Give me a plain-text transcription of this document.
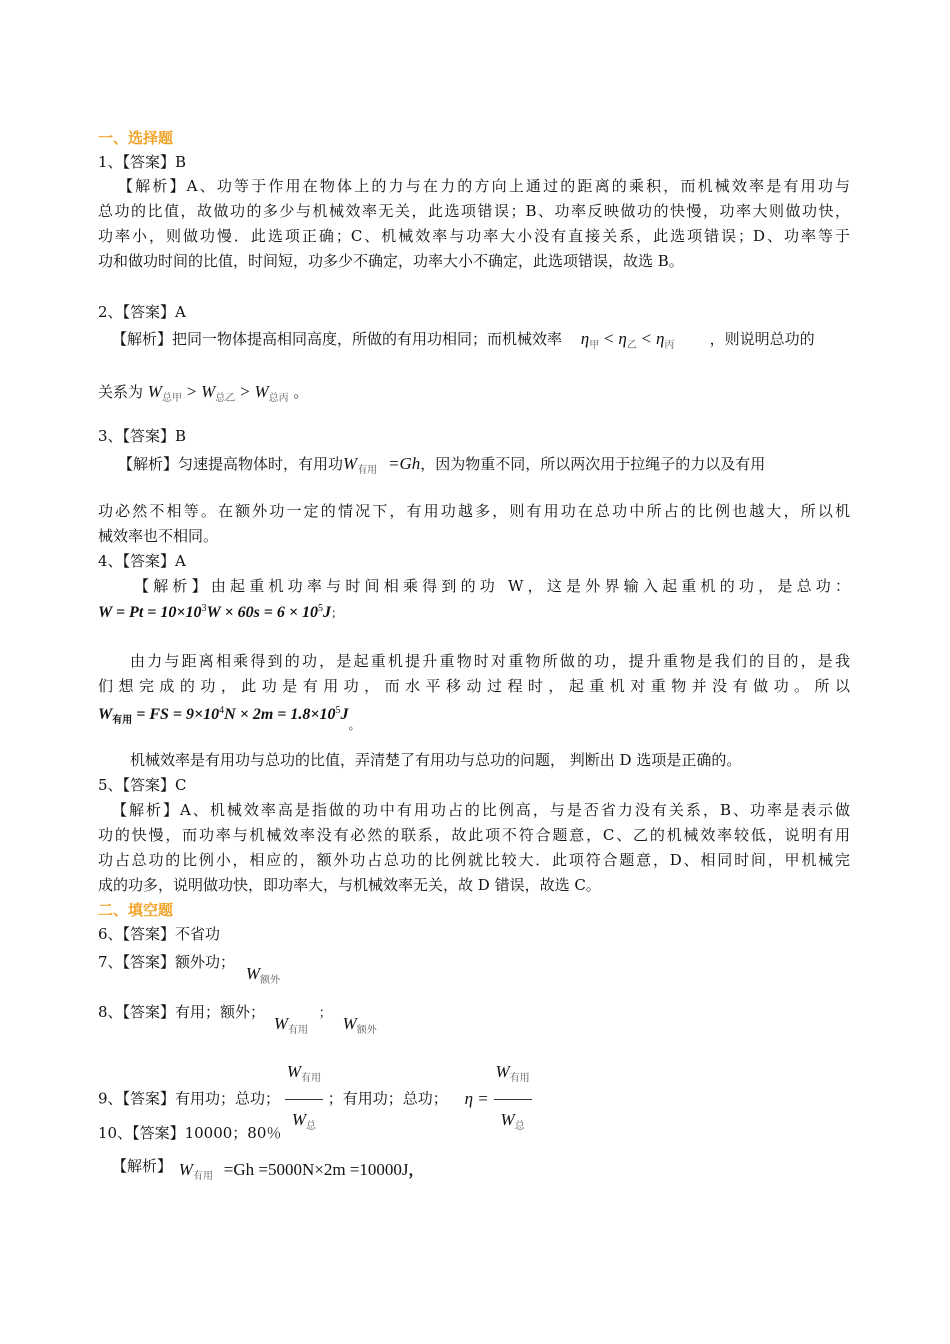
一、选择题
1、【答案】B
【解析】A、功等于作用在物体上的力与在力的方向上通过的距离的乘积，而机械效率是有用功与
总功的比值，故做功的多少与机械效率无关，此选项错误；B、功率反映做功的快慢，功率大则做功快，
功率小，则做功慢．此选项正确；C、机械效率与功率大小没有直接关系，此选项错误；D、功率等于
功和做功时间的比值，时间短，功多少不确定，功率大小不确定，此选项错误，故选 B。
2、【答案】A
【解析】把同一物体提高相同高度，所做的有用功相同；而机械效率 $\eta_甲 < \eta_乙 < \eta_丙$ ，则说明总功的
关系为 $W_{总甲} > W_{总乙} > W_{总丙}$ 。
3、【答案】B
【解析】匀速提高物体时，有用功$W_{有用} =Gh$，因为物重不同，所以两次用于拉绳子的力以及有用
功必然不相等。在额外功一定的情况下，有用功越多，则有用功在总功中所占的比例也越大，所以机
械效率也不相同。
4、【答案】A
【解析】由起重机功率与时间相乘得到的功 W，这是外界输入起重机的功，是总功：
$W = Pt = 10\times 10^3W \times 60s = 6 \times 10^5J$；
由力与距离相乘得到的功，是起重机提升重物时对重物所做的功，提升重物是我们的目的，是我
们想完成的功，此功是有用功，而水平移动过程时，起重机对重物并没有做功。所以
$W_{有用}$ = FS = $9\times 10^4N \times 2m = 1.8\times 10^5J_。$
机械效率是有用功与总功的比值，弄清楚了有用功与总功的问题， 判断出 D 选项是正确的。
5、【答案】C
【解析】A、机械效率高是指做的功中有用功占的比例高，与是否省力没有关系，B、功率是表示做
功的快慢，而功率与机械效率没有必然的联系，故此项不符合题意，C、乙的机械效率较低，说明有用
功占总功的比例小，相应的，额外功占总功的比例就比较大．此项符合题意，D、相同时间，甲机械完
成的功多，说明做功快，即功率大，与机械效率无关，故 D 错误，故选 C。
二、填空题
6、【答案】不省功
7、【答案】额外功； $W_{额外}$
8、【答案】有用；额外； $W_{有用}$ ； $W_{额外}$
9、【答案】有用功；总功； $\frac{W_{有用}}{W_总}$ ；有用功；总功； $\eta = \frac{W_{有用}}{W_总}$
10、【答案】10000；80％
【解析】 $W_{有用} =Gh =5000N\times 2m =10000J$，
